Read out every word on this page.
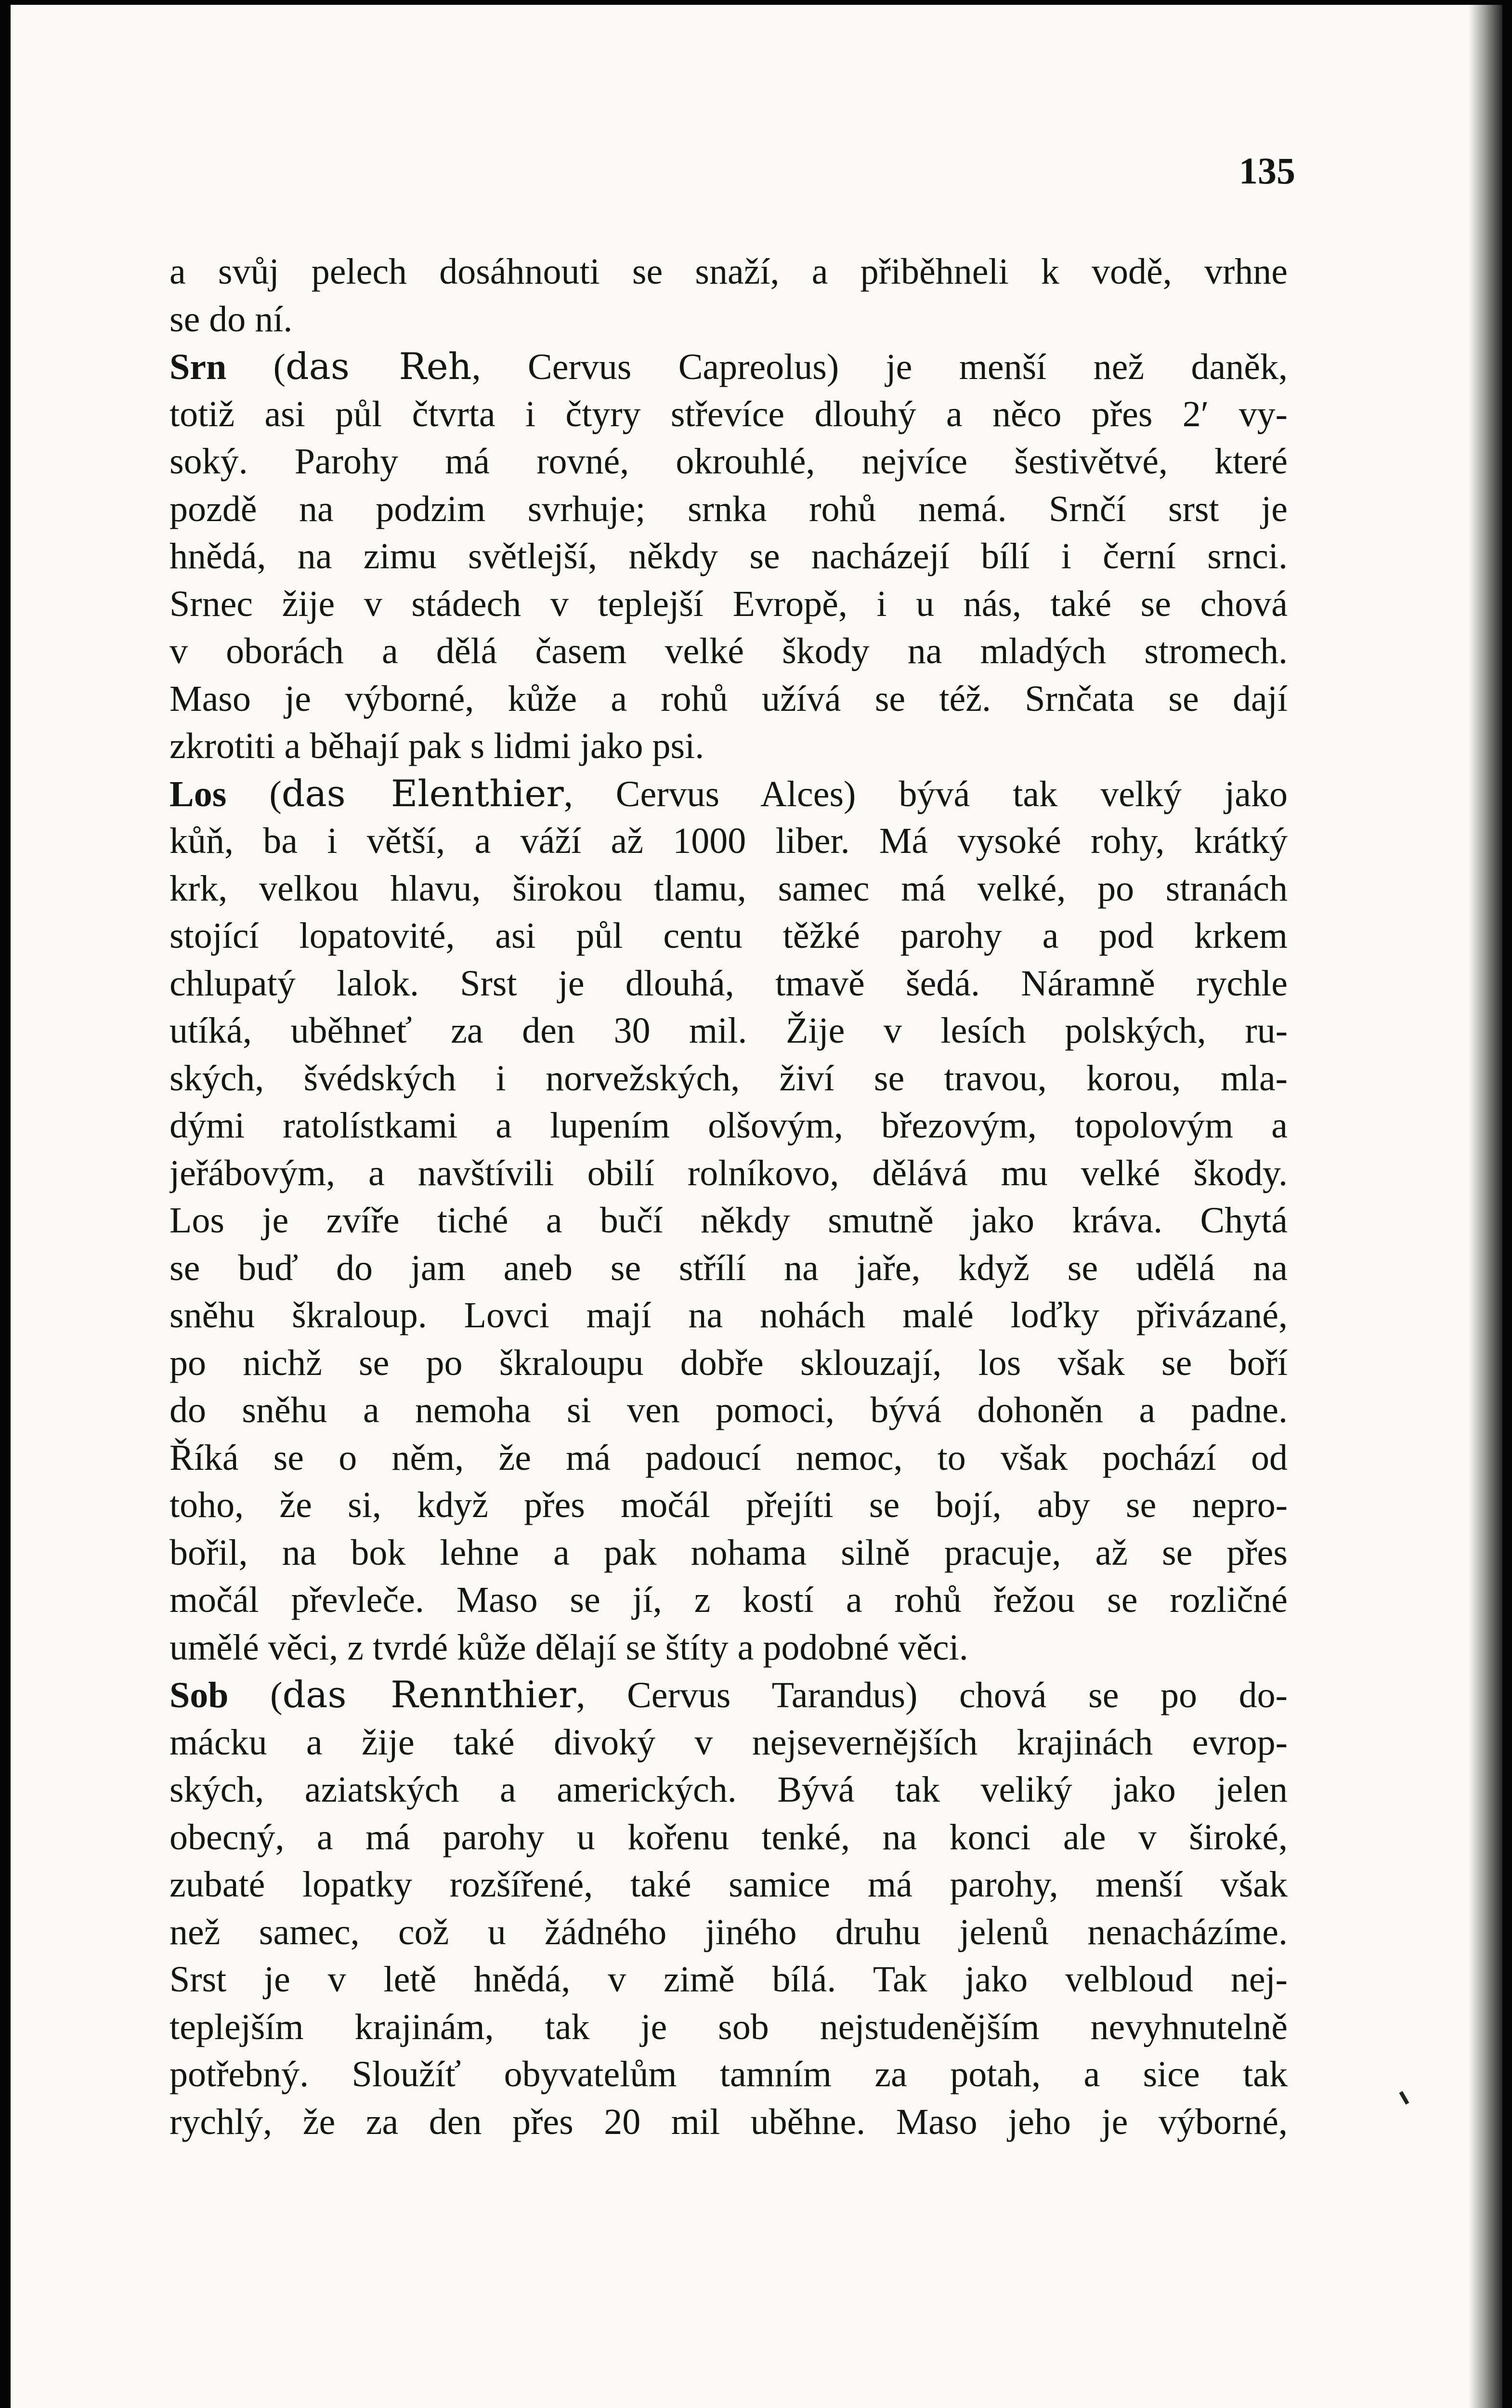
135
a svůj pelech dosáhnouti se snaží, a přiběhneli k vodě, vrhne
se do ní.
Srn (das Reh, Cervus Capreolus) je menší než daněk,
totiž asi půl čtvrta i čtyry střevíce dlouhý a něco přes 2′ vy-
soký. Parohy má rovné, okrouhlé, nejvíce šestivětvé, které
pozdě na podzim svrhuje; srnka rohů nemá. Srnčí srst je
hnědá, na zimu světlejší, někdy se nacházejí bílí i černí srnci.
Srnec žije v stádech v teplejší Evropě, i u nás, také se chová
v oborách a dělá časem velké škody na mladých stromech.
Maso je výborné, kůže a rohů užívá se též. Srnčata se dají
zkrotiti a běhají pak s lidmi jako psi.
Los (das Elenthier, Cervus Alces) bývá tak velký jako
kůň, ba i větší, a váží až 1000 liber. Má vysoké rohy, krátký
krk, velkou hlavu, širokou tlamu, samec má velké, po stranách
stojící lopatovité, asi půl centu těžké parohy a pod krkem
chlupatý lalok. Srst je dlouhá, tmavě šedá. Náramně rychle
utíká, uběhneť za den 30 mil. Žije v lesích polských, ru-
ských, švédských i norvežských, živí se travou, korou, mla-
dými ratolístkami a lupením olšovým, březovým, topolovým a
jeřábovým, a navštívili obilí rolníkovo, dělává mu velké škody.
Los je zvíře tiché a bučí někdy smutně jako kráva. Chytá
se buď do jam aneb se střílí na jaře, když se udělá na
sněhu škraloup. Lovci mají na nohách malé loďky přivázané,
po nichž se po škraloupu dobře sklouzají, los však se boří
do sněhu a nemoha si ven pomoci, bývá dohoněn a padne.
Říká se o něm, že má padoucí nemoc, to však pochází od
toho, že si, když přes močál přejíti se bojí, aby se nepro-
bořil, na bok lehne a pak nohama silně pracuje, až se přes
močál převleče. Maso se jí, z kostí a rohů řežou se rozličné
umělé věci, z tvrdé kůže dělají se štíty a podobné věci.
Sob (das Rennthier, Cervus Tarandus) chová se po do-
mácku a žije také divoký v nejsevernějších krajinách evrop-
ských, aziatských a amerických. Bývá tak veliký jako jelen
obecný, a má parohy u kořenu tenké, na konci ale v široké,
zubaté lopatky rozšířené, také samice má parohy, menší však
než samec, což u žádného jiného druhu jelenů nenacházíme.
Srst je v letě hnědá, v zimě bílá. Tak jako velbloud nej-
teplejším krajinám, tak je sob nejstudenějším nevyhnutelně
potřebný. Sloužíť obyvatelům tamním za potah, a sice tak
rychlý, že za den přes 20 mil uběhne. Maso jeho je výborné,
